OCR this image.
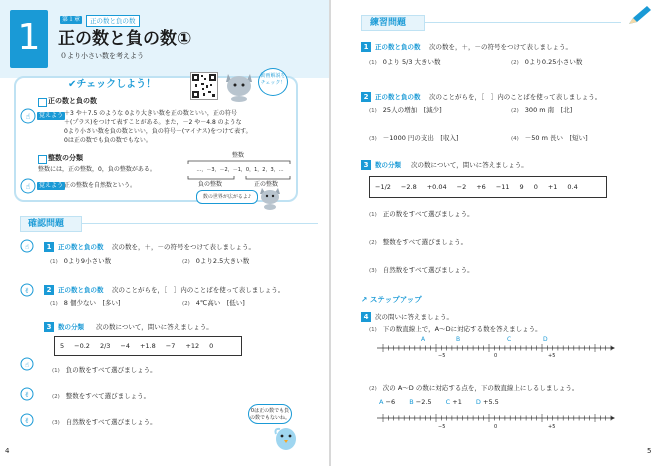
1	第１章	正の数と負の数
正の数と負の数①
０より小さい数を考えよう
✔チェックしよう！
動画解説をチェック！
正の数と負の数
☝	覚えよう ＋3 や＋7.5 のような 0より大きい数を正の数といい，正の符号
＋(プラス)をつけて表すことがある。また，－2 や－4.8 のような
0より小さい数を負の数といい，負の符号－(マイナス)をつけて表す。
0は正の数でも負の数でもない。
整数の分類
整数には，正の整数，0，負の整数がある。
☝	覚えよう 正の整数を自然数という。
整数
…，－3，－2，－1，0，1，2，3，…
負の整数	正の整数
数の世界が広がるよ♪
確認問題
☝	1	正の数と負の数 次の数を，＋，－の符号をつけて表しましょう。
(1) 0より9小さい数	(2) 0より2.5大きい数
✌	2	正の数と負の数 次のことがらを，［　］内のことばを使って表しましょう。
(1) 8 個少ない　[多い]	(2) 4℃高い　[低い]
3	数の分類 次の数について，問いに答えましょう。
5	−0.2	2/3	−4	+1.8	−7	+12	0
☝
(1) 負の数をすべて選びましょう。
✌	(2) 整数をすべて選びましょう。
✌	(3) 自然数をすべて選びましょう。
0は正の数でも負の数でもないね。
4
練習問題
1	正の数と負の数 次の数を，＋，－の符号をつけて表しましょう。
(1) 0より 5/3 大きい数	(2) 0より0.25小さい数
2	正の数と負の数 次のことがらを，［　］内のことばを使って表しましょう。
(1) 25人の増加　[減少]	(2) 300 m 南　[北]
(3) －1000 円の支出　[収入]	(4) －50 m 長い　[短い]
3	数の分類 次の数について，問いに答えましょう。
−1/2	−2.8	+0.04	−2	+6	−11	9	0	+1	0.4
(1) 正の数をすべて選びましょう。
(2) 整数をすべて選びましょう。
(3) 自然数をすべて選びましょう。
↗ ステップアップ
4	次の問いに答えましょう。
(1) 下の数直線上で，A～Dに対応する数を答えましょう。
A	B	C	D
−5	0	+5
(2) 次の A～D の数に対応する点を，下の数直線上にしるしましょう。
A −6 B −2.5 C +1 D +5.5
−5	0	+5
5
